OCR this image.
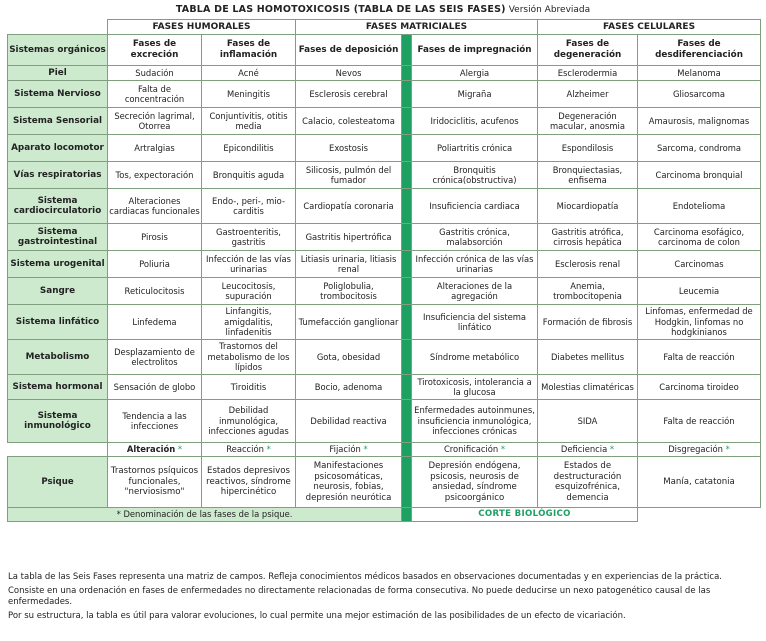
TABLA DE LAS HOMOTOXICOSIS (TABLA DE LAS SEIS FASES) Versión Abreviada
	FASES HUMORALES		FASES MATRICIALES			FASES CELULARES	
Sistemas orgánicos	Fases de excreción	Fases de inflamación	Fases de deposición		Fases de impregnación	Fases de degeneración	Fases de desdiferenciación
Piel	Sudación	Acné	Nevos		Alergia	Esclerodermia	Melanoma
Sistema Nervioso	Falta de concentración	Meningitis	Esclerosis cerebral		Migraña	Alzheimer	Gliosarcoma
Sistema Sensorial	Secreción lagrimal, Otorrea	Conjuntivitis, otitis media	Calacio, colesteatoma		Iridociclitis, acufenos	Degeneración macular, anosmia	Amaurosis, malignomas
Aparato locomotor	Artralgias	Epicondilitis	Exostosis		Poliartritis crónica	Espondilosis	Sarcoma, condroma
Vías respiratorias	Tos, expectoración	Bronquitis aguda	Silicosis, pulmón del fumador		Bronquitis crónica(obstructiva)	Bronquiectasias, enfisema	Carcinoma bronquial
Sistema cardiocirculatorio	Alteraciones cardiacas funcionales	Endo-, peri-, mio-carditis	Cardiopatía coronaria		Insuficiencia cardiaca	Miocardiopatía	Endotelioma
Sistema gastrointestinal	Pirosis	Gastroenteritis, gastritis	Gastritis hipertrófica		Gastritis crónica, malabsorción	Gastritis atrófica, cirrosis hepática	Carcinoma esofágico, carcinoma de colon
Sistema urogenital	Poliuria	Infección de las vías urinarias	Litiasis urinaria, litiasis renal		Infección crónica de las vías urinarias	Esclerosis renal	Carcinomas
Sangre	Reticulocitosis	Leucocitosis, supuración	Poliglobulia, trombocitosis		Alteraciones de la agregación	Anemia, trombocitopenia	Leucemia
Sistema linfático	Linfedema	Linfangitis, amigdalitis, linfadenitis	Tumefacción ganglionar		Insuficiencia del sistema linfático	Formación de fibrosis	Linfomas, enfermedad de Hodgkin, linfomas no hodgkinianos
Metabolismo	Desplazamiento de electrolitos	Trastornos del metabolismo de los lípidos	Gota, obesidad		Síndrome metabólico	Diabetes mellitus	Falta de reacción
Sistema hormonal	Sensación de globo	Tiroiditis	Bocio, adenoma		Tirotoxicosis, intolerancia a la glucosa	Molestias climatéricas	Carcinoma tiroideo
Sistema inmunológico	Tendencia a las infecciones	Debilidad inmunológica, infecciones agudas	Debilidad reactiva		Enfermedades autoinmunes, insuficiencia inmunológica, infecciones crónicas	SIDA	Falta de reacción
	Alteración *	Reacción *	Fijación *		Cronificación *	Deficiencia *	Disgregación *
Psique	Trastornos psíquicos funcionales, "nerviosismo"	Estados depresivos reactivos, síndrome hipercinético	Manifestaciones psicosomáticas, neurosis, fobias, depresión neurótica		Depresión endógena, psicosis, neurosis de ansiedad, síndrome psicoorgánico	Estados de destructuración esquizofrénica, demencia	Manía, catatonia
* Denominación de las fases de la psique.					CORTE BIOLÓGICO		

La tabla de las Seis Fases representa una matriz de campos. Refleja conocimientos médicos basados en observaciones documentadas y en experiencias de la práctica.

Consiste en una ordenación en fases de enfermedades no directamente relacionadas de forma consecutiva. No puede deducirse un nexo patogenético causal de las enfermedades.

Por su estructura, la tabla es útil para valorar evoluciones, lo cual permite una mejor estimación de las posibilidades de un efecto de vicariación.
